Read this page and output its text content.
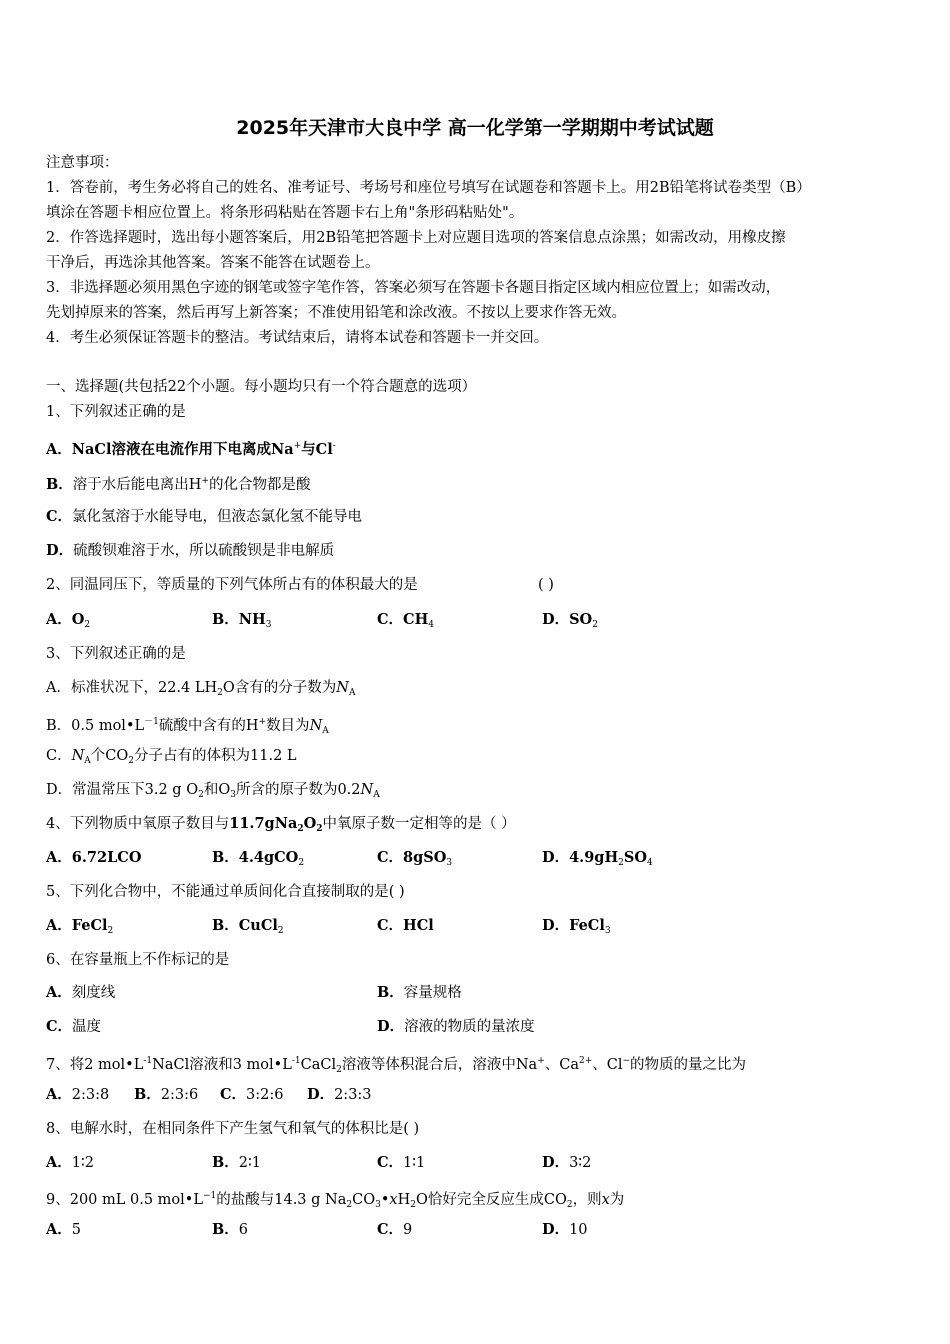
2025年天津市大良中学 高一化学第一学期期中考试试题
注意事项：
1．答卷前，考生务必将自己的姓名、准考证号、考场号和座位号填写在试题卷和答题卡上。用2B铅笔将试卷类型（B）
填涂在答题卡相应位置上。将条形码粘贴在答题卡右上角"条形码粘贴处"。
2．作答选择题时，选出每小题答案后，用2B铅笔把答题卡上对应题目选项的答案信息点涂黑；如需改动，用橡皮擦
干净后，再选涂其他答案。答案不能答在试题卷上。
3．非选择题必须用黑色字迹的钢笔或签字笔作答，答案必须写在答题卡各题目指定区域内相应位置上；如需改动，
先划掉原来的答案，然后再写上新答案；不准使用铅笔和涂改液。不按以上要求作答无效。
4．考生必须保证答题卡的整洁。考试结束后，请将本试卷和答题卡一并交回。
一、选择题(共包括22个小题。每小题均只有一个符合题意的选项）
1、下列叙述正确的是
A．NaCl溶液在电流作用下电离成Na+与Cl-
B．溶于水后能电离出H+的化合物都是酸
C．氯化氢溶于水能导电，但液态氯化氢不能导电
D．硫酸钡难溶于水，所以硫酸钡是非电解质
2、同温同压下，等质量的下列气体所占有的体积最大的是	( )
A．$O_2$	B．$NH_3$	C．$CH_4$	D．$SO_2$
3、下列叙述正确的是
A．标准状况下，22.4 $LH_2O$含有的分子数为$N_A$
B．0.5 $mol•L^{-1}$硫酸中含有的H+数目为$N_A$
C．$N_A$个$CO_2$分子占有的体积为11.2 L
D．常温常压下3.2 g $O_2$和$O_3$所含的原子数为$0.2N_A$
4、下列物质中氧原子数目与$11.7gNa_2O_2$中氧原子数一定相等的是（ ）
A．6.72LCO	B．4.4gCO$_2$	C．8gSO$_3$	D．$4.9gH_2SO_4$
5、下列化合物中，不能通过单质间化合直接制取的是( )
A．FeCl$_2$	B．CuCl$_2$	C．HCl	D．FeCl$_3$
6、在容量瓶上不作标记的是
A．刻度线	B．容量规格
C．温度	D．溶液的物质的量浓度
7、将2 $mol•L^{-1}NaCl$溶液和3 $mol•L^{-1}CaCl_2$溶液等体积混合后，溶液中Na+、$Ca^{2+}$、Cl−的物质的量之比为
A．2:3:8 B．2:3:6 C．3:2:6 D．2:3:3
8、电解水时，在相同条件下产生氢气和氧气的体积比是( )
A．1∶2	B．2∶1	C．1∶1	D．3∶2
9、200 mL 0.5 $mol•L^{-1}$的盐酸与14.3 g $Na_2CO_3•xH_2O$恰好完全反应生成$CO_2$，则x为
A．5	B．6	C．9	D．10
